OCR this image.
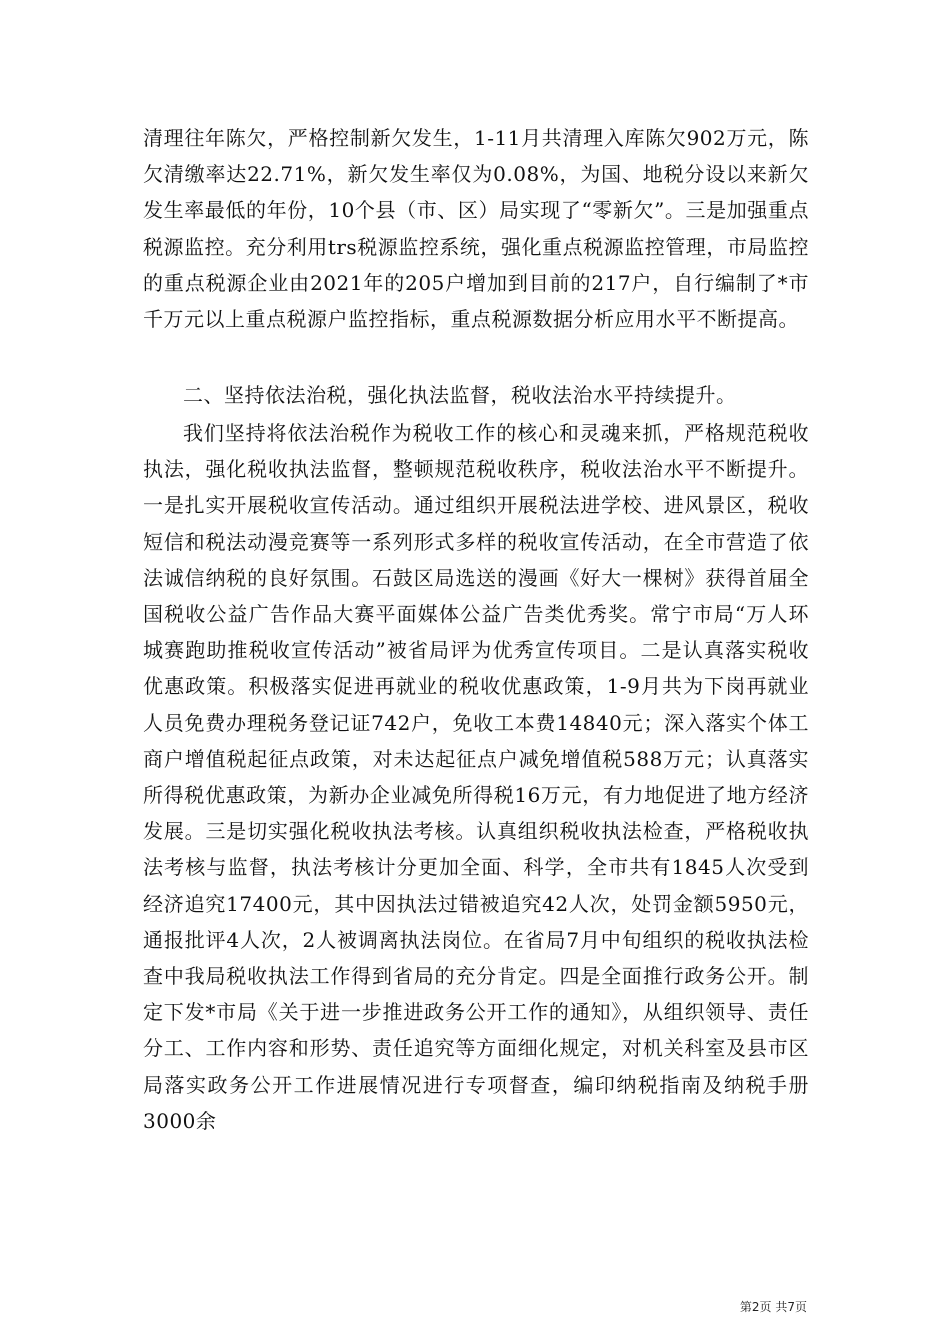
清理往年陈欠，严格控制新欠发生，1-11月共清理入库陈欠902万元，陈欠清缴率达22.71%，新欠发生率仅为0.08%，为国、地税分设以来新欠发生率最低的年份，10个县（市、区）局实现了“零新欠”。三是加强重点税源监控。充分利用trs税源监控系统，强化重点税源监控管理，市局监控的重点税源企业由2021年的205户增加到目前的217户，自行编制了*市千万元以上重点税源户监控指标，重点税源数据分析应用水平不断提高。

二、坚持依法治税，强化执法监督，税收法治水平持续提升。

我们坚持将依法治税作为税收工作的核心和灵魂来抓，严格规范税收执法，强化税收执法监督，整顿规范税收秩序，税收法治水平不断提升。一是扎实开展税收宣传活动。通过组织开展税法进学校、进风景区，税收短信和税法动漫竞赛等一系列形式多样的税收宣传活动，在全市营造了依法诚信纳税的良好氛围。石鼓区局选送的漫画《好大一棵树》获得首届全国税收公益广告作品大赛平面媒体公益广告类优秀奖。常宁市局“万人环城赛跑助推税收宣传活动”被省局评为优秀宣传项目。二是认真落实税收优惠政策。积极落实促进再就业的税收优惠政策，1-9月共为下岗再就业人员免费办理税务登记证742户，免收工本费14840元；深入落实个体工商户增值税起征点政策，对未达起征点户减免增值税588万元；认真落实所得税优惠政策，为新办企业减免所得税16万元，有力地促进了地方经济发展。三是切实强化税收执法考核。认真组织税收执法检查，严格税收执法考核与监督，执法考核计分更加全面、科学，全市共有1845人次受到经济追究17400元，其中因执法过错被追究42人次，处罚金额5950元，通报批评4人次，2人被调离执法岗位。在省局7月中旬组织的税收执法检查中我局税收执法工作得到省局的充分肯定。四是全面推行政务公开。制定下发*市局《关于进一步推进政务公开工作的通知》，从组织领导、责任分工、工作内容和形势、责任追究等方面细化规定，对机关科室及县市区局落实政务公开工作进展情况进行专项督查，编印纳税指南及纳税手册3000余

第2页 共7页
